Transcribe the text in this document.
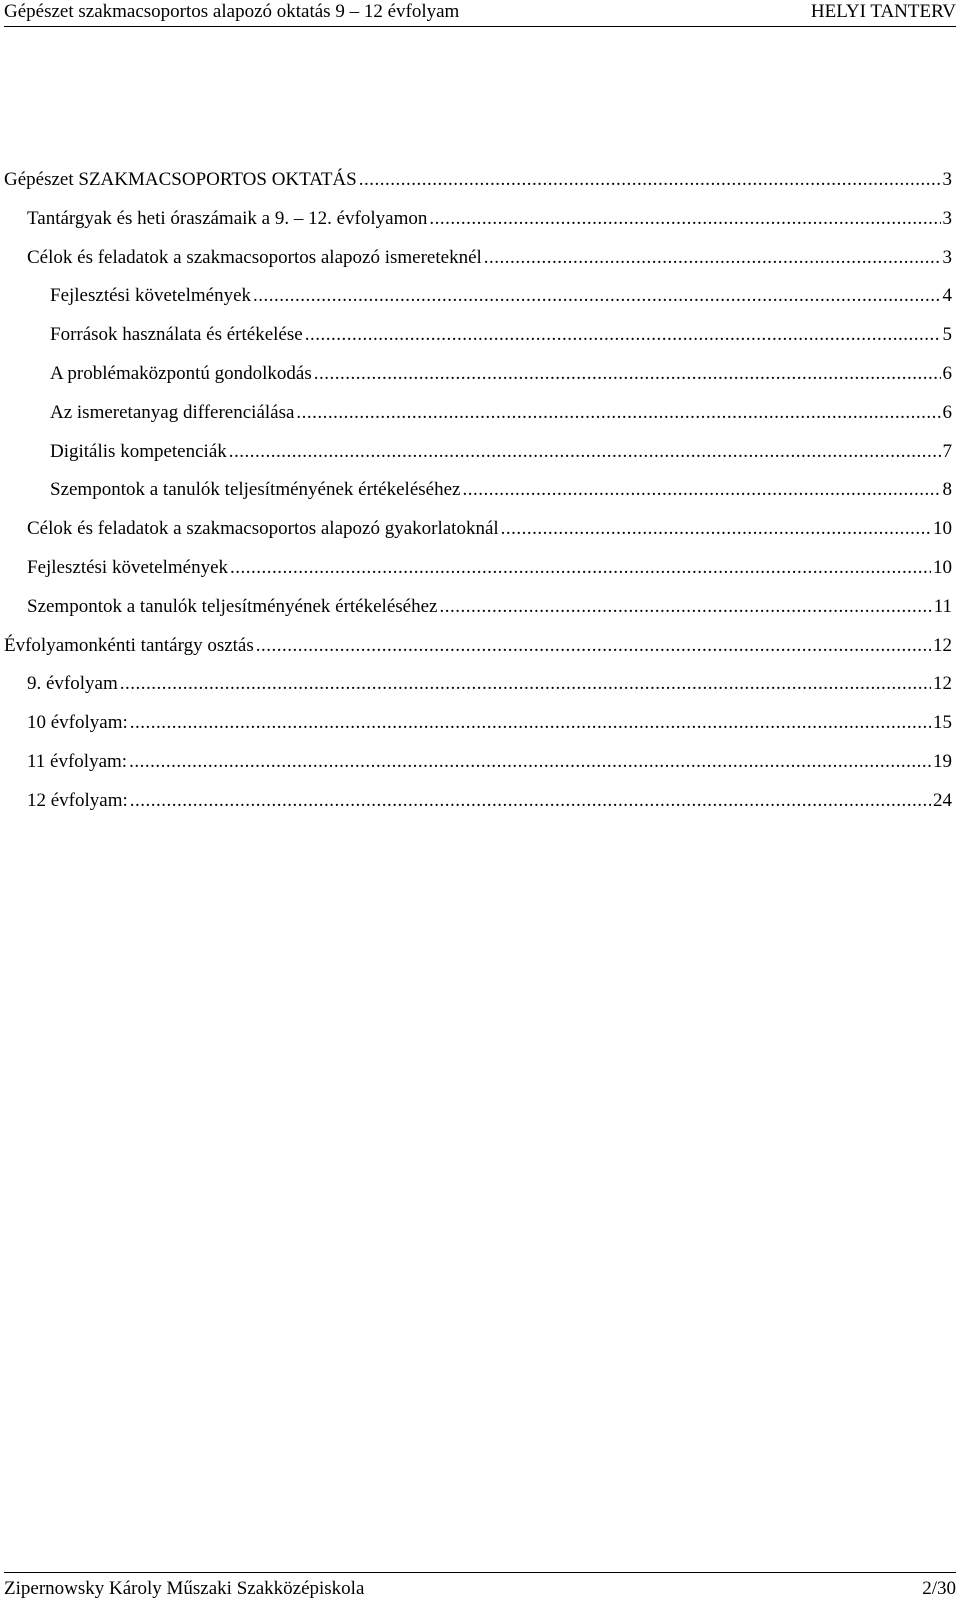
Gépészet szakmacsoportos alapozó oktatás 9 – 12 évfolyam	HELYI TANTERV
Gépészet SZAKMACSOPORTOS OKTATÁS .....	3
Tantárgyak és heti óraszámaik a 9. – 12. évfolyamon .....	3
Célok és feladatok a szakmacsoportos alapozó ismereteknél .....	3
Fejlesztési követelmények .....	4
Források használata és értékelése .....	5
A problémaközpontú gondolkodás .....	6
Az ismeretanyag differenciálása .....	6
Digitális kompetenciák .....	7
Szempontok a tanulók teljesítményének értékeléséhez .....	8
Célok és feladatok a szakmacsoportos alapozó gyakorlatoknál .....	10
Fejlesztési követelmények .....	10
Szempontok a tanulók teljesítményének értékeléséhez .....	11
Évfolyamonkénti tantárgy osztás .....	12
9. évfolyam .....	12
10 évfolyam: .....	15
11 évfolyam: .....	19
12 évfolyam: .....	24
Zipernowsky Károly Műszaki Szakközépiskola	2/30
